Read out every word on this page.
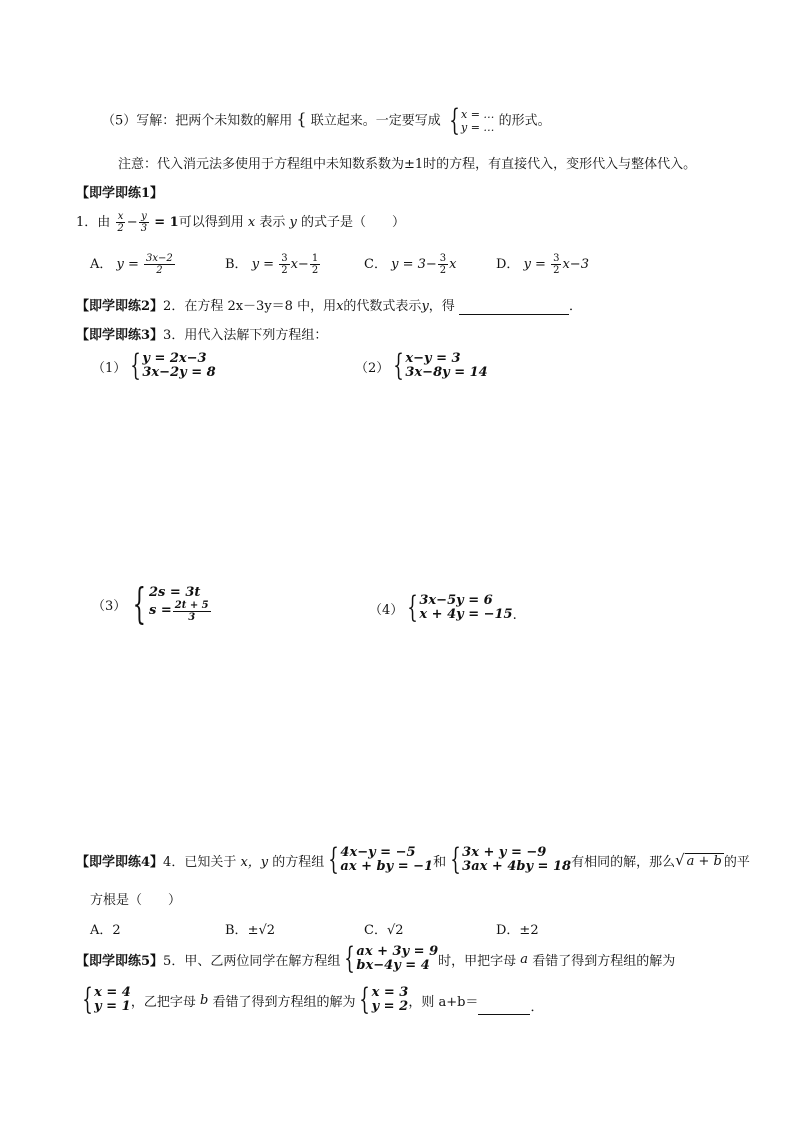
（5）写解：把两个未知数的解用 { 联立起来。一定要写成 { x = …
y = … 的形式。
注意：代入消元法多使用于方程组中未知数系数为±1时的方程，有直接代入，变形代入与整体代入。
【即学即练1】
1．由 $\frac{x}{2} - \frac{y}{3} = 1$可以得到用 x 表示 y 的式子是（　　）
A． $y = \frac{3x-2}{2}$	B． $y = \frac{3}{2} x- \frac{1}{2}$	C． $y = 3- \frac{3}{2}$ x	D． $y = \frac{3}{2} x-3$
【即学即练2】2．在方程 2x－3y＝8 中，用x的代数式表示y，得	．
【即学即练3】3．用代入法解下列方程组：
（1） { y = 2x−3
3x−2y = 8	（2） { x−y = 3
3x−8y = 14
（3） { 2s = 3t
$s = \frac{2t + 5}{3}$	（4） { 3x−5y = 6
x + 4y = −15 .
【即学即练4】 4．已知关于
x，y
的方程组 { 4x−y = −5
ax + by = −1 和 { 3x + y = −9
3ax + 4by = 18 有相同的解，那么 √ a + b 的平
方根是（　　）
A．2	B．±√2	C．√2	D．±2
【即学即练5】 5．甲、乙两位同学在解方程组 { ax + 3y = 9
bx−4y = 4 时，甲把字母
a
看错了得到方程组的解为
{ x = 4
y = 1 ，乙把字母
b
看错了得到方程组的解为 { x = 3
y = 2 ，则 a+b＝
	．
